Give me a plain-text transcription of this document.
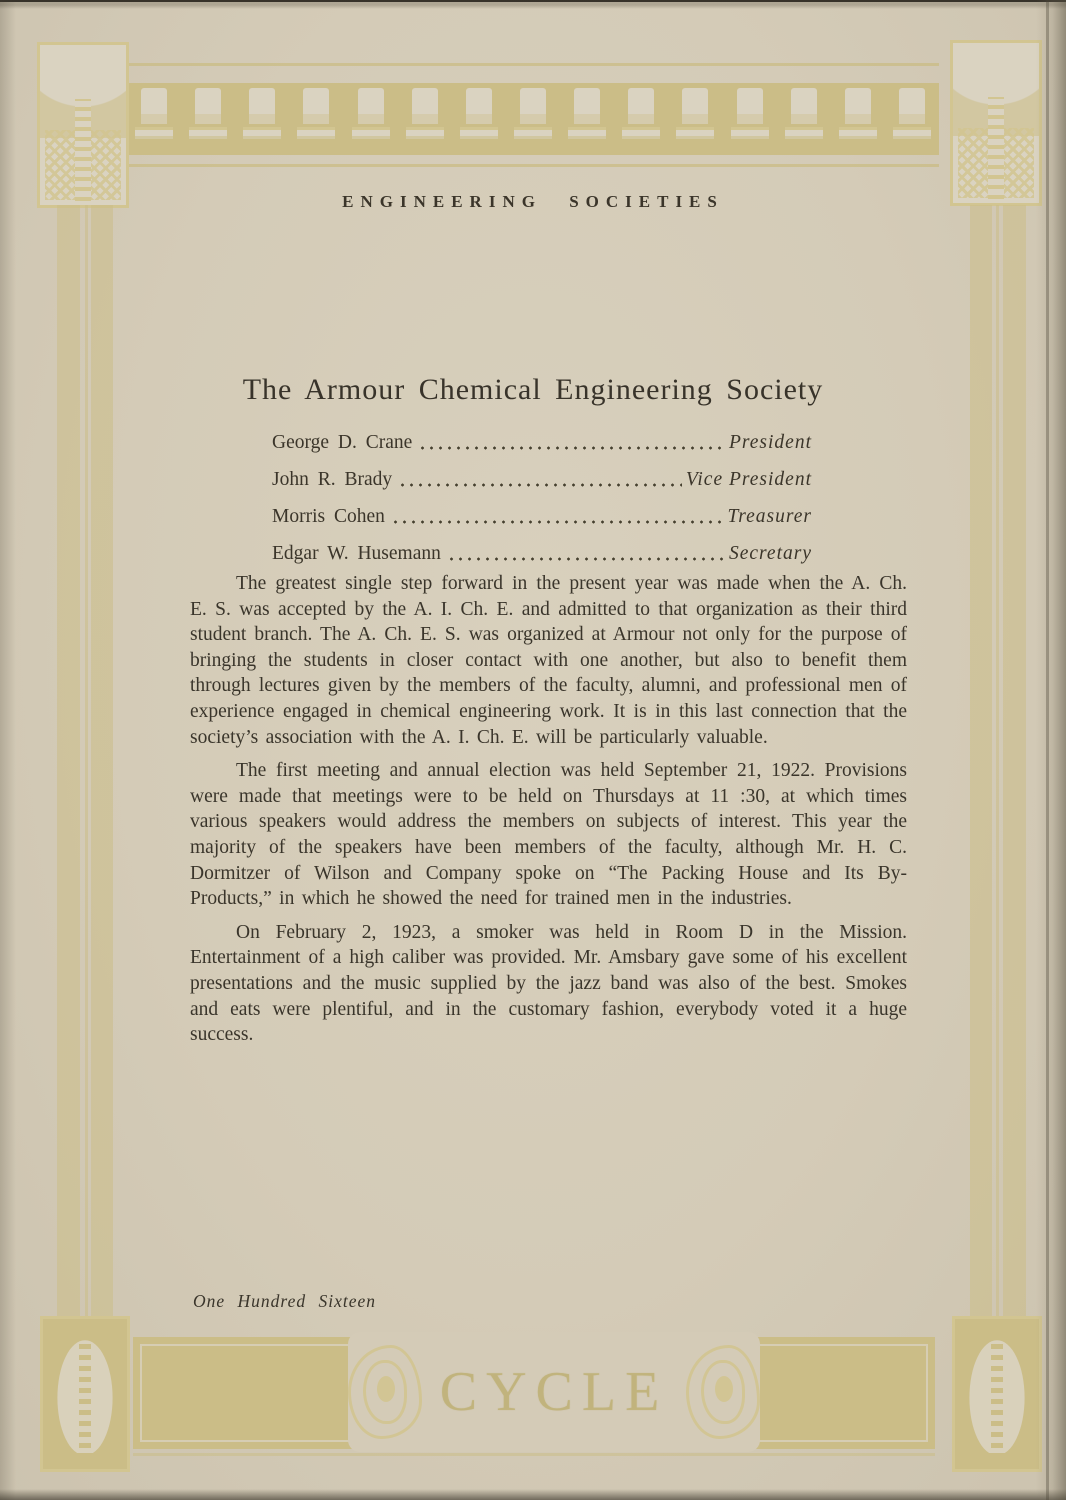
CYCLE
ENGINEERING SOCIETIES
The Armour Chemical Engineering Society
George D. Crane	President
John R. Brady	Vice President
Morris Cohen	Treasurer
Edgar W. Husemann	Secretary

The greatest single step forward in the present year was made when the A. Ch. E. S. was accepted by the A. I. Ch. E. and admitted to that organization as their third student branch. The A. Ch. E. S. was organized at Armour not only for the purpose of bringing the students in closer contact with one another, but also to benefit them through lectures given by the members of the faculty, alumni, and professional men of experience engaged in chemical engineering work. It is in this last connection that the society’s association with the A. I. Ch. E. will be particularly valuable.

The first meeting and annual election was held September 21, 1922. Provisions were made that meetings were to be held on Thursdays at 11 :30, at which times various speakers would address the members on subjects of interest. This year the majority of the speakers have been members of the faculty, although Mr. H. C. Dormitzer of Wilson and Company spoke on “The Packing House and Its By-Products,” in which he showed the need for trained men in the industries.

On February 2, 1923, a smoker was held in Room D in the Mission. Entertainment of a high caliber was provided. Mr. Amsbary gave some of his excellent presentations and the music supplied by the jazz band was also of the best. Smokes and eats were plentiful, and in the customary fashion, everybody voted it a huge success.

One Hundred Sixteen
